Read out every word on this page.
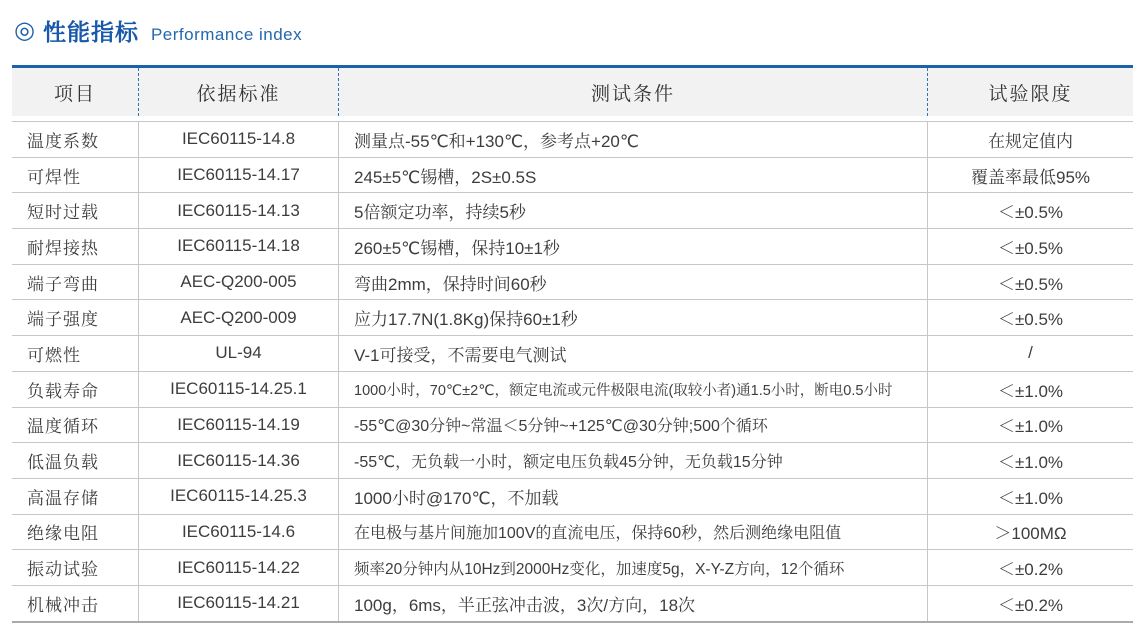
◎ 性能指标 Performance index
项目	依据标准	测试条件	试验限度
温度系数	IEC60115-14.8	测量点-55℃和+130℃，参考点+20℃	在规定值内
可焊性	IEC60115-14.17	245±5℃锡槽，2S±0.5S	覆盖率最低95%
短时过载	IEC60115-14.13	5倍额定功率，持续5秒	＜±0.5%
耐焊接热	IEC60115-14.18	260±5℃锡槽，保持10±1秒	＜±0.5%
端子弯曲	AEC-Q200-005	弯曲2mm，保持时间60秒	＜±0.5%
端子强度	AEC-Q200-009	应力17.7N(1.8Kg)保持60±1秒	＜±0.5%
可燃性	UL-94	V-1可接受，不需要电气测试	/
负载寿命	IEC60115-14.25.1	1000小时，70℃±2℃，额定电流或元件极限电流(取较小者)通1.5小时，断电0.5小时	＜±1.0%
温度循环	IEC60115-14.19	-55℃@30分钟~常温＜5分钟~+125℃@30分钟;500个循环	＜±1.0%
低温负载	IEC60115-14.36	-55℃，无负载一小时，额定电压负载45分钟，无负载15分钟	＜±1.0%
高温存储	IEC60115-14.25.3	1000小时@170℃，不加载	＜±1.0%
绝缘电阻	IEC60115-14.6	在电极与基片间施加100V的直流电压，保持60秒，然后测绝缘电阻值	＞100MΩ
振动试验	IEC60115-14.22	频率20分钟内从10Hz到2000Hz变化，加速度5g，X-Y-Z方向，12个循环	＜±0.2%
机械冲击	IEC60115-14.21	100g，6ms，半正弦冲击波，3次/方向，18次	＜±0.2%
